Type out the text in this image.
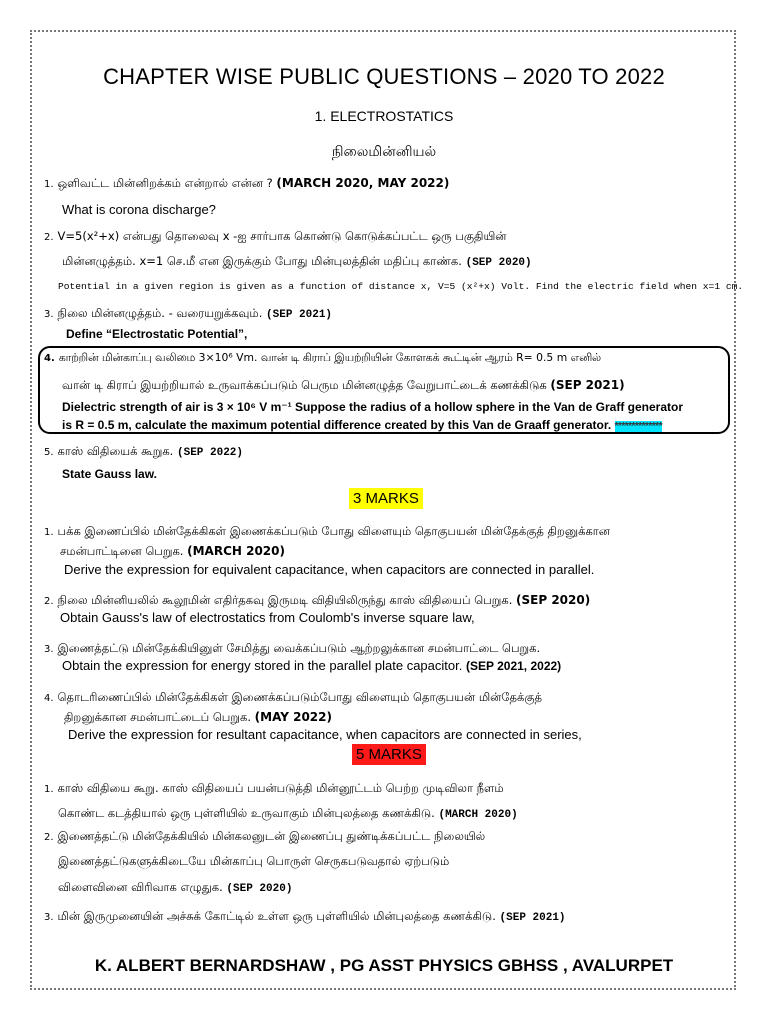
CHAPTER WISE PUBLIC QUESTIONS – 2020 TO 2022
1. ELECTROSTATICS
நிலைமின்னியல்
1. ஒளிவட்ட மின்னிறக்கம் என்றால் என்ன ? (MARCH 2020, MAY 2022)
What is corona discharge?
2. V=5(x²+x) என்பது தொலைவு x -ஐ சார்பாக கொண்டு கொடுக்கப்பட்ட ஒரு பகுதியின்
மின்னழுத்தம். x=1 செ.மீ என இருக்கும் போது மின்புலத்தின் மதிப்பு காண்க. (SEP 2020)
Potential in a given region is given as a function of distance x, V=5 (x²+x) Volt. Find the electric field when x=1 cm.
3. நிலை மின்னழுத்தம். - வரையறுக்கவும். (SEP 2021)
Define “Electrostatic Potential”,
4. காற்றின் மின்காப்பு வலிமை 3×10⁶ Vm. வான் டி கிராப் இயற்றியின் கோளகக் கூட்டின் ஆரம் R= 0.5 m எனில்
வான் டி கிராப் இயற்றியால் உருவாக்கப்படும் பெரும மின்னழுத்த வேறுபாட்டைக் கணக்கிடுக (SEP 2021)
Dielectric strength of air is 3 × 10⁶ V m⁻¹ Suppose the radius of a hollow sphere in the Van de Graff generator
is R = 0.5 m, calculate the maximum potential difference created by this Van de Graaff generator. **************
5. காஸ் விதியைக் கூறுக. (SEP 2022)
State Gauss law.
3 MARKS
1. பக்க இணைப்பில் மின்தேக்கிகள் இணைக்கப்படும் போது விளையும் தொகுபயன் மின்தேக்குத் திறனுக்கான
சமன்பாட்டினை பெறுக. (MARCH 2020)
Derive the expression for equivalent capacitance, when capacitors are connected in parallel.
2. நிலை மின்னியலில் கூலூமின் எதிர்தகவு இருமடி விதியிலிருந்து காஸ் விதியைப் பெறுக. (SEP 2020)
Obtain Gauss's law of electrostatics from Coulomb's inverse square law,
3. இணைத்தட்டு மின்தேக்கியினுள் சேமித்து வைக்கப்படும் ஆற்றலுக்கான சமன்பாட்டை பெறுக.
Obtain the expression for energy stored in the parallel plate capacitor. (SEP 2021, 2022)
4. தொடரிணைப்பில் மின்தேக்கிகள் இணைக்கப்படும்போது விளையும் தொகுபயன் மின்தேக்குத்
திறனுக்கான சமன்பாட்டைப் பெறுக. (MAY 2022)
Derive the expression for resultant capacitance, when capacitors are connected in series,
5 MARKS
1. காஸ் விதியை கூறு. காஸ் விதியைப் பயன்படுத்தி மின்னூட்டம் பெற்ற முடிவிலா நீளம்
கொண்ட கடத்தியால் ஒரு புள்ளியில் உருவாகும் மின்புலத்தை கணக்கிடு. (MARCH 2020)
2. இணைத்தட்டு மின்தேக்கியில் மின்கலனுடன் இணைப்பு துண்டிக்கப்பட்ட நிலையில்
இணைத்தட்டுகளுக்கிடையே மின்காப்பு பொருள் செருகபடுவதால் ஏற்படும்
விளைவினை விரிவாக எழுதுக. (SEP 2020)
3. மின் இருமுனையின் அச்சுக் கோட்டில் உள்ள ஒரு புள்ளியில் மின்புலத்தை கணக்கிடு. (SEP 2021)
K. ALBERT BERNARDSHAW , PG ASST PHYSICS GBHSS , AVALURPET
